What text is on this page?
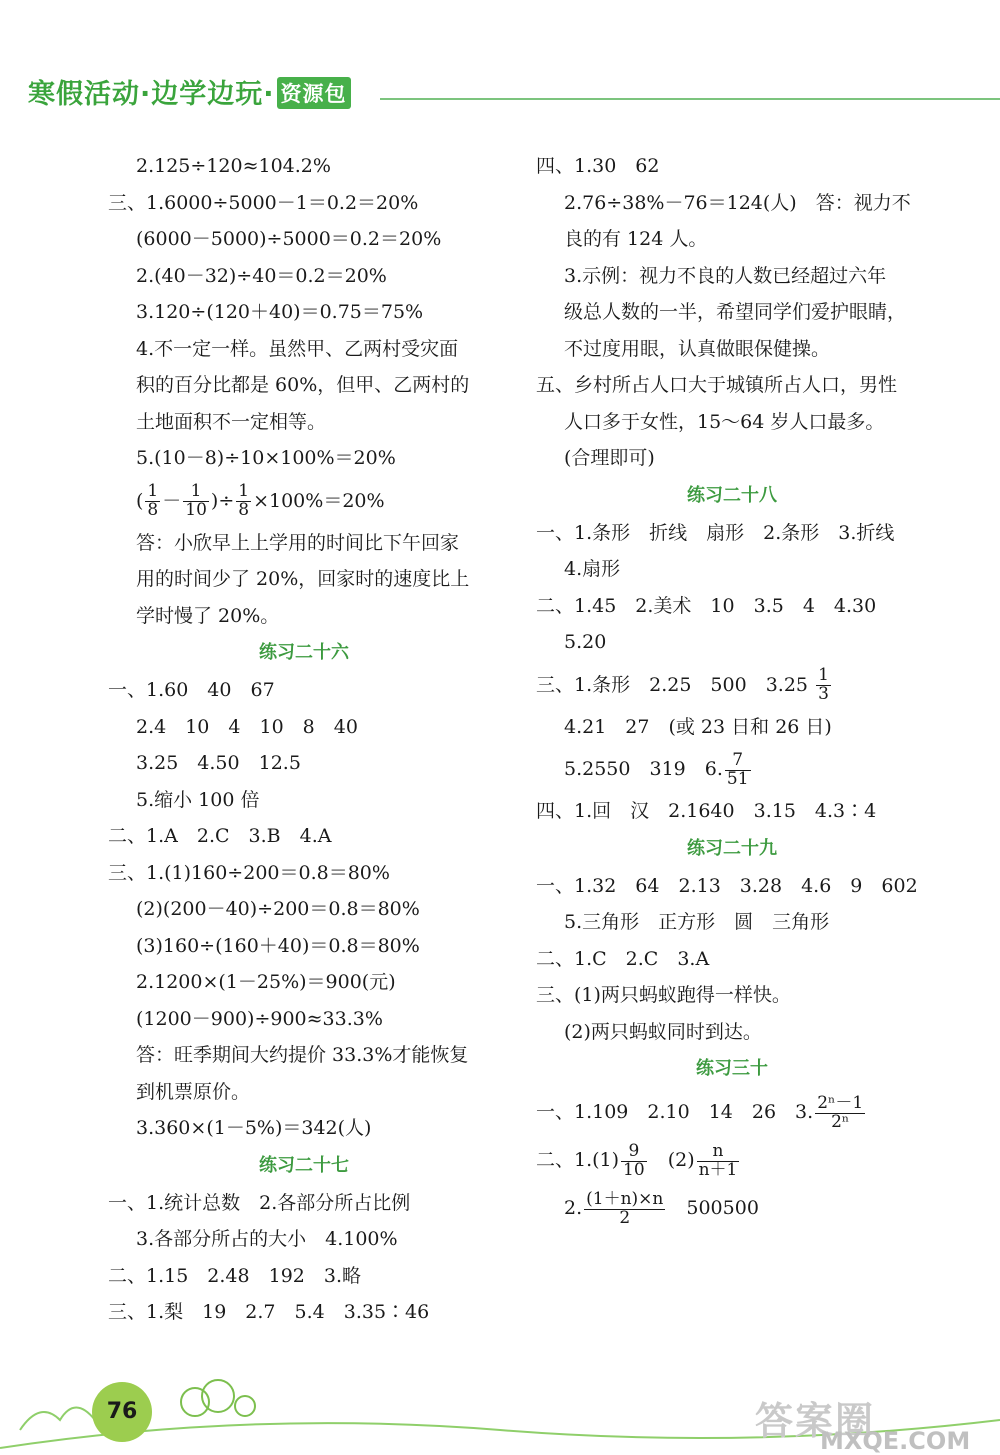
寒假活动·边学边玩· 资源包
2.125÷120≈104.2%
三、1.6000÷5000－1＝0.2＝20%
(6000－5000)÷5000＝0.2＝20%
2.(40－32)÷40＝0.2＝20%
3.120÷(120＋40)＝0.75＝75%
4.不一定一样。虽然甲、乙两村受灾面
积的百分比都是 60%，但甲、乙两村的
土地面积不一定相等。
5.(10－8)÷10×100%＝20%
( $\frac{1}{8} - \frac{1}{10}$ )÷ $\frac{1}{8} \times 100\%=20\%$
答：小欣早上上学用的时间比下午回家
用的时间少了 20%，回家时的速度比上
学时慢了 20%。
练习二十六
一、1.60　40　67
2.4　10　4　10　8　40
3.25　4.50　12.5
5.缩小 100 倍
二、1.A　2.C　3.B　4.A
三、1.(1)160÷200＝0.8＝80%
(2)(200－40)÷200＝0.8＝80%
(3)160÷(160＋40)＝0.8＝80%
2.1200×(1－25%)＝900(元)
(1200－900)÷900≈33.3%
答：旺季期间大约提价 33.3%才能恢复
到机票原价。
3.360×(1－5%)＝342(人)
练习二十七
一、1.统计总数　2.各部分所占比例
3.各部分所占的大小　4.100%
二、1.15　2.48　192　3.略
三、1.梨　19　2.7　5.4　3.35∶46
四、1.30　62
2.76÷38%－76＝124(人)　答：视力不
良的有 124 人。
3.示例：视力不良的人数已经超过六年
级总人数的一半，希望同学们爱护眼睛，
不过度用眼，认真做眼保健操。
五、乡村所占人口大于城镇所占人口，男性
人口多于女性，15～64 岁人口最多。
(合理即可)
练习二十八
一、1.条形　折线　扇形　2.条形　3.折线
4.扇形
二、1.45　2.美术　10　3.5　4　4.30
5.20
三、1.条形　2.25　500　$3.25 \frac{1}{3}$
4.21　27　(或 23 日和 26 日)
5.2550　319　6. $\frac{7}{51}$
四、1.回　汉　2.1640　3.15　4.3∶4
练习二十九
一、1.32　64　2.13　3.28　4.6　9　602
5.三角形　正方形　圆　三角形
二、1.C　2.C　3.A
三、(1)两只蚂蚁跑得一样快。
(2)两只蚂蚁同时到达。
练习三十
一、1.109　2.10　14　26　3. $\frac{\text{2ⁿ－1}}{\text{2ⁿ}}$
二、$1.(1) \frac{9}{10}$ 　$(2) \frac{n}{n+1}$
2. $\frac{(1+n)\times n}{2}$ 　500500
76	答案圈
MXQE.COM
